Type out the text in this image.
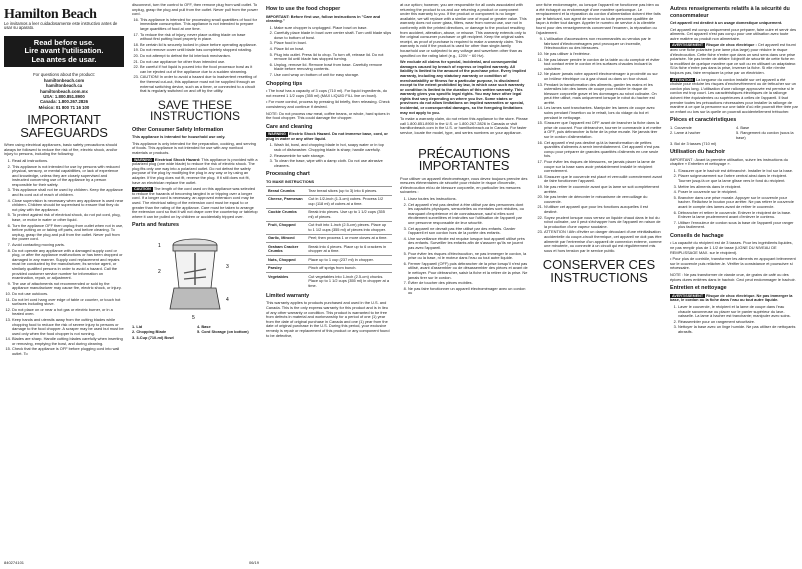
Hamilton Beach

Le invitamos a leer cuidadosamente este instructivo antes de usar su aparato.

Read before use.
Lire avant l'utilisation.
Lea antes de usar.
For questions about the product:
hamiltonbeach.com
hamiltonbeach.ca
hamiltonbeach.com.mx
USA: 1.800.851.8900
Canada: 1.800.267.2826
México: 01 800 71 16 100
IMPORTANT SAFEGUARDS

When using electrical appliances, basic safety precautions should always be followed to reduce the risk of fire, electric shock, and/or injury to persons, including the following:

1. Read all instructions.
2. This appliance is not intended for use by persons with reduced physical, sensory, or mental capabilities, or lack of experience and knowledge, unless they are closely supervised and instructed concerning use of the appliance by a person responsible for their safety.
3. This appliance shall not be used by children. Keep the appliance and its cord out of reach of children.
4. Close supervision is necessary when any appliance is used near children. Children should be supervised to ensure that they do not play with the appliance.
5. To protect against risk of electrical shock, do not put cord, plug, base, or motor in water or other liquid.
6. Turn the appliance OFF then unplug from outlet when not in use, before putting on or taking off parts, and before cleaning. To unplug, grasp the plug and pull from the outlet. Never pull from the power cord.
7. Avoid contacting moving parts.
8. Do not operate any appliance with a damaged supply cord or plug, or after the appliance malfunctions or has been dropped or damaged in any manner. Supply cord replacement and repairs must be conducted by the manufacturer, its service agent, or similarly qualified persons in order to avoid a hazard. Call the provided customer service number for information on examination, repair, or adjustment.
9. The use of attachments not recommended or sold by the appliance manufacturer may cause fire, electric shock, or injury.
10. Do not use outdoors.
11. Do not let cord hang over edge of table or counter, or touch hot surfaces including stove.
12. Do not place on or near a hot gas or electric burner, or in a heated oven.
13. Keep hands and utensils away from the cutting blades while chopping food to reduce the risk of severe injury to persons or damage to the food chopper. A scraper may be used but must be used only when the food chopper is not running.
14. Blades are sharp. Handle cutting blades carefully when inserting or removing, emptying the bowl, and during cleaning.
15. Check that the appliance is OFF before plugging cord into wall outlet. To
disconnect, turn the control to OFF, then remove plug from wall outlet. To unplug, grasp the plug and pull from the outlet. Never pull from the power cord.
16. This appliance is intended for processing small quantities of food for immediate consumption. This appliance is not intended to prepare large quantities of food at one time.
17. To reduce the risk of injury, never place cutting blade on base without first putting bowl properly in place.
18. Be certain lid is securely locked in place before operating appliance.
19. Do not remove cover until blade has completely stopped rotating.
20. Do not attempt to defeat the lid interlock mechanism.
21. Do not use appliance for other than intended use.
22. Be careful if hot liquid is poured into the food processor bowl as it can be ejected out of the appliance due to a sudden steaming.
23. CAUTION! In order to avoid a hazard due to inadvertent resetting of the thermal cut-out, this appliance must not be supplied through an external switching device, such as a timer, or connected to a circuit that is regularly switched on and off by the utility.
SAVE THESE INSTRUCTIONS
Other Consumer Safety Information

This appliance is intended for household use only.

This appliance is only intended for the preparation, cooking, and serving of foods. This appliance is not intended for use with any nonfood materials or products.

WARNING Electrical Shock Hazard: This appliance is provided with a polarized plug (one wide blade) to reduce the risk of electric shock. The plug fits only one way into a polarized outlet. Do not defeat the safety purpose of the plug by modifying the plug in any way or by using an adapter. If the plug does not fit, reverse the plug. If it still does not fit, have an electrician replace the outlet.

CAUTION The length of the cord used on this appliance was selected to reduce the hazards of becoming tangled in or tripping over a longer cord. If a longer cord is necessary, an approved extension cord may be used. The electrical rating of the extension cord must be equal to or greater than the rating of the appliance. Care must be taken to arrange the extension cord so that it will not drape over the countertop or tabletop where it can be pulled on by children or accidentally tripped over.

Parts and features
1
2
3
4
5
1. Lid	4. Base
2. Chopping Blade	5. Cord Storage (on bottom)
3. 3-Cup (710-ml) Bowl
How to use the food chopper

IMPORTANT: Before first use, follow instructions in "Care and cleaning."

1. Make sure chopper is unplugged. Place bowl on base.
2. Carefully place blade in bowl over center shaft. Turn until blade slips down to bottom of bowl.
3. Place food in bowl.
4. Place lid on bowl.
5. Plug into outlet. Press lid to chop. To turn off, release lid. Do not remove lid until blade has stopped turning.
6. Unplug, remove lid. Remove bowl from base. Carefully remove blade before removing contents.
7. Use cord wrap on bottom of unit for easy storage.
Chopping tips

• The bowl has a capacity of 3 cups (710 ml). For liquid ingredients, do not exceed 1 1/2 cups (355 ml) (MAX LIQUID FILL line on bowl).

• For more control, process by pressing lid briefly, then releasing. Check consistency and continue if desired.

NOTE: Do not process raw meat, coffee beans, or whole, hard spices in the food chopper. This could damage the chopper.

Care and cleaning

WARNING Electric Shock Hazard. Do not immerse base, cord, or plug in water or any other liquid.

1. Wash lid, bowl, and chopping blade in hot, soapy water or in top rack of dishwasher. Chopping blade is sharp; handle carefully.
2. Reassemble for safe storage.
3. To clean the base, wipe with a damp cloth. Do not use abrasive cleaners.
Processing chart
TO MAKE INSTRUCTIONS
Bread Crumbs	Tear bread slices (up to 3) into 6 pieces.
Cheese, Parmesan	Cut in 1/2-inch (1.3-cm) cubes. Process 1/2 cup (118 ml) of cubes at a time.
Cookie Crumbs	Break into pieces. Use up to 1 1/2 cups (355 ml) of pieces.
Fruit, Chopped	Cut fruit into 1-inch (2.5-cm) pieces. Place up to 1 1/2 cups (355 ml) of pieces into chopper.
Garlic, Minced	Peel; then process 1 or more cloves at a time.
Graham Cracker Crumbs	Break into 4 pieces. Place up to 6 crackers in chopper at a time.
Nuts, Chopped	Place up to 1 cup (237 ml) in chopper.
Parsley	Pinch off sprigs from bunch.
Vegetables	Cut vegetables into 1-inch (2.5-cm) chunks. Place up to 1 1/2 cups (355 ml) in chopper at a time.
Limited warranty

This warranty applies to products purchased and used in the U.S. and Canada. This is the only express warranty for this product and is in lieu of any other warranty or condition. This product is warranted to be free from defects in material and workmanship for a period of one (1) year from the date of original purchase in Canada and one (1) year from the date of original purchase in the U.S. During this period, your exclusive remedy is repair or replacement of this product or any component found to be defective,

at our option; however, you are responsible for all costs associated with returning the product to us and our returning a product or component under this warranty to you. If the product or component is no longer available, we will replace with a similar one of equal or greater value. This warranty does not cover glass, filters, wear from normal use, use not in conformity with the printed directions, or damage to the product resulting from accident, alteration, abuse, or misuse. This warranty extends only to the original consumer purchaser or gift recipient. Keep the original sales receipt, as proof of purchase is required to make a warranty claim. This warranty is void if the product is used for other than single-family household use or subjected to any voltage and waveform other than as specified on the rating label (e.g., 120V ~ 60 Hz).

We exclude all claims for special, incidental, and consequential damages caused by breach of express or implied warranty. All liability is limited to the amount of the purchase price. Every implied warranty, including any statutory warranty or condition of merchantability or fitness for a particular purpose, is disclaimed except to the extent prohibited by law, in which case such warranty or condition is limited to the duration of this written warranty. This warranty gives you specific legal rights. You may have other legal rights that vary depending on where you live. Some states or provinces do not allow limitations on implied warranties or special, incidental, or consequential damages, so the foregoing limitations may not apply to you.

To make a warranty claim, do not return this appliance to the store. Please call 1.800.851.8900 in the U.S. or 1.800.267.2826 in Canada or visit hamiltonbeach.com in the U.S. or hamiltonbeach.ca in Canada. For faster service, locate the model, type, and series numbers on your appliance.

PRÉCAUTIONS IMPORTANTES

Pour utiliser un appareil électroménager, vous devez toujours prendre des mesures élémentaires de sécurité pour réduire le risque d'incendie, d'électrocution et/ou de blessure corporelle, en particulier les mesures suivantes :

1. Lisez toutes les instructions.
2. Cet appareil n'est pas destiné à être utilisé par des personnes dont les capacités physiques, sensorielles ou mentales sont réduites, ou manquant d'expérience et de connaissance, sauf si elles sont étroitement surveillées et instruites sur l'utilisation de l'appareil par une personne responsable de leur sécurité.
3. Cet appareil ne devrait pas être utilisé par des enfants. Garder l'appareil et son cordon hors de la portée des enfants.
4. Une surveillance étroite est requise lorsque tout appareil utilisé près des enfants. Surveiller les enfants afin de s'assurer qu'ils ne jouent pas avec l'appareil.
5. Pour éviter les risques d'électrocution, ne pas immerger le cordon, la prise ou la base, ni le moteur dans l'eau ou tout autre liquide.
6. Fermer l'appareil (OFF) puis débrancher de la prise lorsqu'il n'est pas utilisé, avant d'assembler ou de désassembler des pièces et avant de le nettoyer. Pour débrancher, saisir la fiche et la retirer de la prise. Ne jamais tirer sur le cordon.
7. Éviter de toucher des pièces mobiles.
8. Ne pas faire fonctionner un appareil électroménager avec un cordon ou

une fiche endommagée, ou lorsque l'appareil ne fonctionne pas bien ou a été échappé ou endommagé d'une manière quelconque. Le remplacement et la réparation du cordon d'alimentation doivent être faits par le fabricant, son agent de service ou toute personne qualifiée de façon à éviter tout danger. Appeler le numéro de service à la clientèle fourni pour des renseignements concernant l'examen, la réparation ou l'ajustement.

9. L'utilisation d'accessoires non recommandés ou vendus par le fabricant d'électroménagers peut provoquer un incendie, l'électrocution ou des blessures.
10. Ne pas utiliser à l'extérieur.
11. Ne pas laisser pendre le cordon de la table ou du comptoir et éviter tout contact entre le cordon et les surfaces chaudes incluant la cuisinière.
12. Ne placer jamais votre appareil électroménager à proximité ou sur un brûleur électrique ou à gaz chaud ou dans un four chaud.
13. Pendant la transformation des aliments, garder les mains et les ustensiles loin des lames de coupe pour réduire le risque de blessure corporelle grave et les dommages au robot culinaire. On peut être utilisé, mais uniquement lorsque le robot du hacher est arrêté.
14. Les lames sont tranchantes. Manipuler les lames de coupe avec soins pendant l'insertion ou le retrait, lors du vidage du bol et pendant le nettoyage.
15. S'assurer que l'appareil est OFF avant de brancher la fiche dans la prise de courant. Pour débrancher, tourner le commande à et mettre à OFF, puis débrancher la fiche de la prise murale. Ne jamais tirer sur le cordon d'alimentation.
16. Cet appareil n'est pas destiné qu'à la transformation de petites quantités d'aliments à servir immédiatement. Cet appareil n'est pas conçu pour préparer de grandes quantités d'aliments en une seule fois.
17. Pour éviter les risques de blessures, ne jamais placer la lame de coupe sur la base sans avoir préalablement installé le récipient correctement.
18. S'assurer que le couvercle est placé et verrouillé correctement avant de faire fonctionner l'appareil.
19. Ne pas retirer le couvercle avant que la lame se soit complètement arrêtée.
20. Ne pas tenter de démonter le mécanisme de verrouillage du couvercle.
21. N'utiliser cet appareil que pour les fonctions auxquelles il est destiné.
22. Soyez prudent lorsque vous versez un liquide chaud dans le bol du robot culinaire, car il peut s'échapper hors de l'appareil en raison de la production d'une vapeur soudaine.
23. ATTENTION ! Afin d'éviter un danger découlant d'une réinitialisation accidentelle du coupe-circuit thermique, cet appareil ne doit pas être alimenté par l'entremise d'un appareil de connexion externe, comme une minuterie, ou connecté à un circuit qui est régulièrement mis sous et hors tension par le service public.
CONSERVER CES INSTRUCTIONS
Autres renseignements relatifs à la sécurité du consommateur

Cet appareil est destiné à un usage domestique uniquement.

Cet appareil est conçu uniquement pour préparer, faire cuire et servir des aliments. Cet appareil n'est pas conçu pour une utilisation avec toute autre matière ou produit non alimentaire.

AVERTISSEMENT Risque de choc électrique : Cet appareil est fourni avec une fiche polarisée (une lame plus large) pour réduire le risque d'électrocution. Cette fiche n'entre que dans un seul sens dans une prise polarisée. Ne pas tenter de défaire l'objectif de sécurité de cette fiche en la modifiant de quelque manière que ce soit ou en utilisant un adaptateur. Si la fiche n'entre pas dans la prise, inverser la fiche. Si elle n'entre toujours pas, faire remplacer la prise par un électricien.

ATTENTION La longueur du cordon installé sur cet appareil a été choisie pour réduire les risques d'enchevêtrement ou de trébucher sur un cordon plus long. L'utilisation d'une rallonge approuvée est permise si le cordon est trop court. Les caractéristiques électriques de la rallonge doivent être équivalentes ou supérieures à celles de l'appareil. Il faut prendre toutes les précautions nécessaires pour installer la rallonge de manière à ce que la personne sur une table d'où elle pourrait être tirée par un enfant ou lors sur la quelle on pourrait accidentellement trébucher.

Pièces et caractéristiques
1. Couvercle	4. Base
2. Lame à hacher	5. Rangement du cordon (sous la base)
3. Bol de 3 tasses (710 ml)
Utilisation du hachoir

IMPORTANT : Avant la première utilisation, suivre les instructions du chapitre « Entretien et nettoyage ».

1. S'assurer que le hachoir est débranché. Installer le bol sur la base.
2. Placer soigneusement sur l'arbre central ainsi dans le récipient. Tourner jusqu'à ce que la lame glisse vers le fond du récipient.
3. Mettre les aliments dans le récipient.
4. Poser le couvercle sur le récipient.
5. Brancher dans une prise murale. Appuyer sur le couvercle pour hacher. Relâchez le bouton pour arrêter. Ne pas retirer le couvercle avant le compte des lames avant de retirer le couvercle.
6. Débrancher et retirer le couvercle. Enlever le récipient de la base. Enlever la lame prudemment avant d'enlever le contenu.
7. Utiliser l'enrouleur de cordon sous la base de l'appareil pour ranger plus facilement.
Conseils de hachage

• La capacité du récipient est de 3 tasses. Pour les ingrédients liquides, ne pas remplir plus de 1 1/2 de tasse (LIGNE DU NIVEAU DE REMPLISSAGE MAX. sur le récipient).

• Pour plus de contrôle, transformer les aliments en appuyant brièvement sur le couvercle puis relâcher-le. Vérifier la consistance et poursuivre si nécessaire.

NOTE : Ne pas transformer de viande crue, de grains de café ou des épices dures entières dans le hachoir. Ceci peut endommager le hachoir.

Entretien et nettoyage

AVERTISSEMENT Risque de choc électrique. Ne pas immerger la base, le cordon ou la fiche dans l'eau ou tout autre liquide.

1. Laver le couvercle, le récipient et la lame de coupe dans l'eau chaude savonneuse ou placer sur le panier supérieur du lave-vaisselle. La lame à hacher est tranchante; manipuler avec soins.
2. Réassembler pour un rangement sécuritaire.
3. Nettoyer la base avec un linge humide. Ne pas utiliser de nettoyants abrasifs.
840274101	06/19
